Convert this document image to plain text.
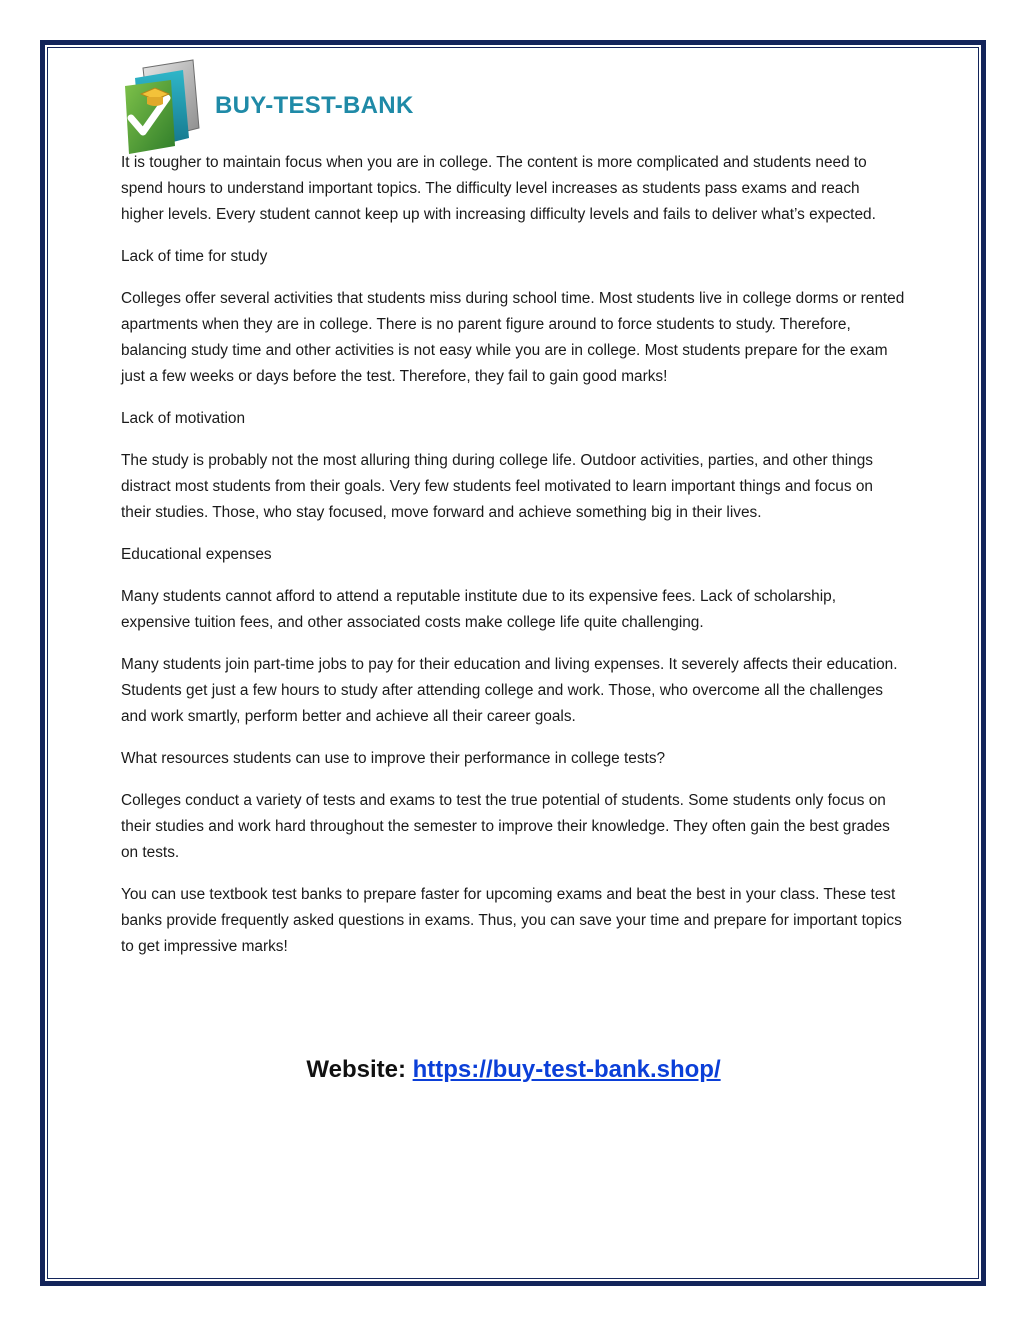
BUY-TEST-BANK

It is tougher to maintain focus when you are in college. The content is more complicated and students need to spend hours to understand important topics. The difficulty level increases as students pass exams and reach higher levels. Every student cannot keep up with increasing difficulty levels and fails to deliver what’s expected.

Lack of time for study

Colleges offer several activities that students miss during school time. Most students live in college dorms or rented apartments when they are in college. There is no parent figure around to force students to study. Therefore, balancing study time and other activities is not easy while you are in college. Most students prepare for the exam just a few weeks or days before the test. Therefore, they fail to gain good marks!

Lack of motivation

The study is probably not the most alluring thing during college life. Outdoor activities, parties, and other things distract most students from their goals. Very few students feel motivated to learn important things and focus on their studies. Those, who stay focused, move forward and achieve something big in their lives.

Educational expenses

Many students cannot afford to attend a reputable institute due to its expensive fees. Lack of scholarship, expensive tuition fees, and other associated costs make college life quite challenging.

Many students join part-time jobs to pay for their education and living expenses. It severely affects their education. Students get just a few hours to study after attending college and work. Those, who overcome all the challenges and work smartly, perform better and achieve all their career goals.

What resources students can use to improve their performance in college tests?

Colleges conduct a variety of tests and exams to test the true potential of students. Some students only focus on their studies and work hard throughout the semester to improve their knowledge. They often gain the best grades on tests.

You can use textbook test banks to prepare faster for upcoming exams and beat the best in your class. These test banks provide frequently asked questions in exams. Thus, you can save your time and prepare for important topics to get impressive marks!

Website: https://buy-test-bank.shop/
